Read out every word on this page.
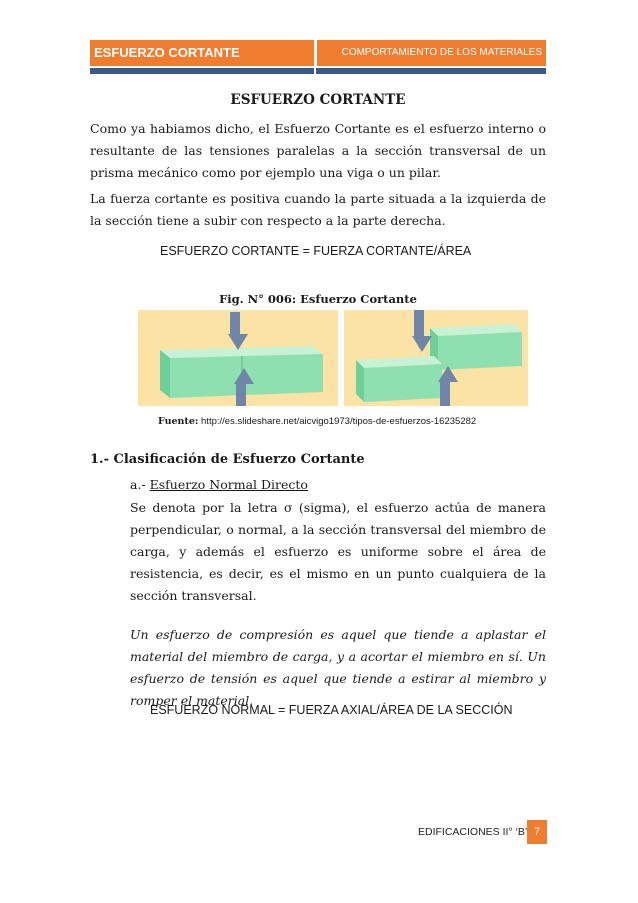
ESFUERZO CORTANTE	COMPORTAMIENTO DE LOS MATERIALES
ESFUERZO CORTANTE

Como ya habiamos dicho, el Esfuerzo Cortante es el esfuerzo interno o resultante de las tensiones paralelas a la sección transversal de un prisma mecánico como por ejemplo una viga o un pilar.

La fuerza cortante es positiva cuando la parte situada a la izquierda de la sección tiene a subir con respecto a la parte derecha.

ESFUERZO CORTANTE = FUERZA CORTANTE/ÁREA
Fig. N° 006: Esfuerzo Cortante
Fuente: http://es.slideshare.net/aicvigo1973/tipos-de-esfuerzos-16235282
1.- Clasificación de Esfuerzo Cortante
a.- Esfuerzo Normal Directo

Se denota por la letra σ (sigma), el esfuerzo actúa de manera perpendicular, o normal, a la sección transversal del miembro de carga, y además el esfuerzo es uniforme sobre el área de resistencia, es decir, es el mismo en un punto cualquiera de la sección transversal.

Un esfuerzo de compresión es aquel que tiende a aplastar el material del miembro de carga, y a acortar el miembro en sí. Un esfuerzo de tensión es aquel que tiende a estirar al miembro y romper el material.

ESFUERZO NORMAL = FUERZA AXIAL/ÁREA DE LA SECCIÓN
EDIFICACIONES II° ‘B’ 7
